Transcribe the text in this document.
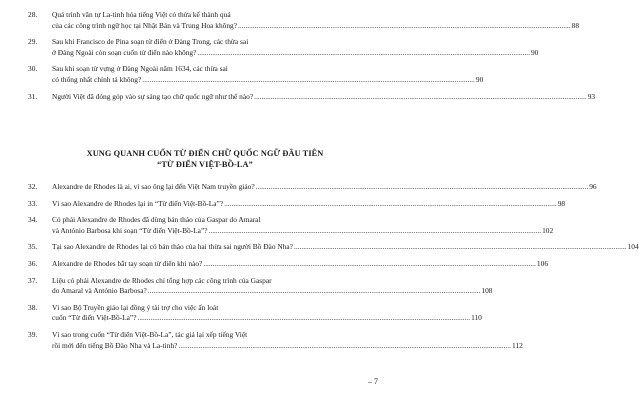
28.	Quá trình văn tự La-tinh hóa tiếng Việt có thừa kế thành quả
của các công trình ngữ học tại Nhật Bản và Trung Hoa không? .....	88
29.	Sau khi Francisco de Pina soạn từ điển ở Đàng Trong, các thừa sai
ở Đàng Ngoài còn soạn cuốn từ điển nào không? .....	90
30.	Sau khi soạn từ vựng ở Đàng Ngoài năm 1634, các thừa sai
có thống nhất chính tả không? .....	90
31.	Người Việt đã đóng góp vào sự sáng tạo chữ quốc ngữ như thế nào? .....	93
XUNG QUANH CUỐN TỪ ĐIỂN CHỮ QUỐC NGỮ ĐẦU TIÊN
“TỪ ĐIỂN VIỆT-BỒ-LA”
32.	Alexandre de Rhodes là ai, vì sao ông lại đến Việt Nam truyền giáo? .....	96
33.	Vì sao Alexandre de Rhodes lại in “Từ điển Việt-Bồ-La”? .....	98
34.	Có phải Alexandre de Rhodes đã dùng bản thảo của Gaspar do Amaral
và António Barbosa khi soạn “Từ điển Việt-Bồ-La”? .....	102
35.	Tại sao Alexandre de Rhodes lại có bản thảo của hai thừa sai người Bồ Đào Nha? .....	104
36.	Alexandre de Rhodes bắt tay soạn từ điển khi nào? .....	106
37.	Liệu có phải Alexandre de Rhodes chỉ tổng hợp các công trình của Gaspar
do Amaral và António Barbosa? .....	108
38.	Vì sao Bộ Truyền giáo lại đồng ý tài trợ cho việc ấn loát
cuốn “Từ điển Việt-Bồ-La”? .....	110
39.	Vì sao trong cuốn “Từ điển Việt-Bồ-La”, tác giả lại xếp tiếng Việt
rồi mới đến tiếng Bồ Đào Nha và La-tinh? .....	112
– 7
